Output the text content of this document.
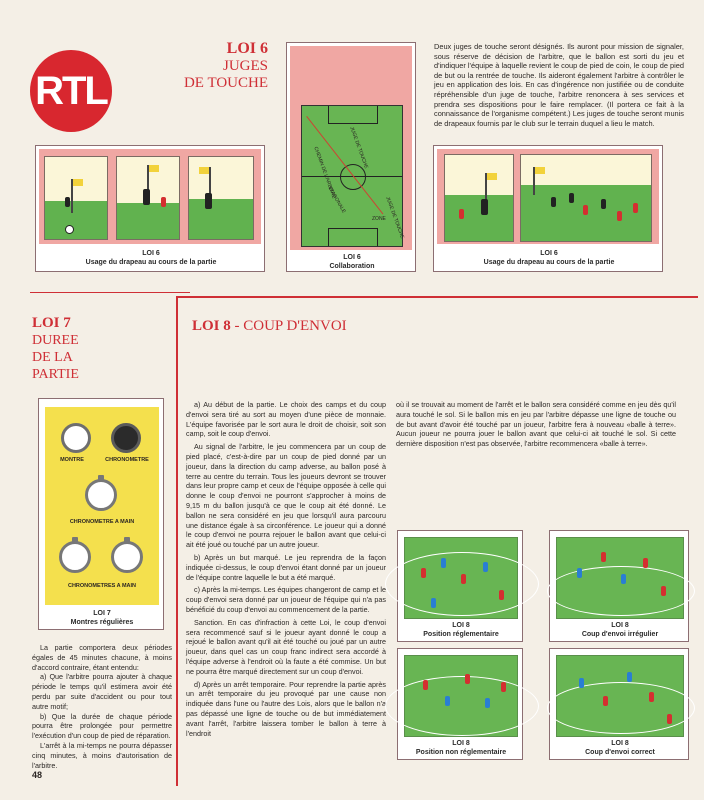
RTL
LOI 6
JUGES
DE TOUCHE
Deux juges de touche seront désignés. Ils auront pour mission de signaler, sous réserve de décision de l'arbitre, que le ballon est sorti du jeu et d'indiquer l'équipe à laquelle revient le coup de pied de coin, le coup de pied de but ou la rentrée de touche. Ils aideront également l'arbitre à contrôler le jeu en application des lois. En cas d'ingérence non justifiée ou de conduite répréhensible d'un juge de touche, l'arbitre renoncera à ses services et prendra ses dispositions pour le faire remplacer. (Il portera ce fait à la connaissance de l'organisme compétent.) Les juges de touche seront munis de drapeaux fournis par le club sur le terrain duquel a lieu le match.
LOI 6
Usage du drapeau au cours de la partie
CHEMIN DE L'ARBITRE JUGE DE TOUCHE
DIAGONALE	JUGE DE TOUCHE
ZONE
LOI 6
Collaboration
LOI 6
Usage du drapeau au cours de la partie
LOI 7
DUREE
DE LA
PARTIE
MONTRE	CHRONOMETRE
CHRONOMETRE A MAIN
CHRONOMETRES A MAIN
LOI 7
Montres régulières

La partie comportera deux périodes égales de 45 minutes chacune, à moins d'accord contraire, étant entendu:

a) Que l'arbitre pourra ajouter à chaque période le temps qu'il estimera avoir été perdu par suite d'accident ou pour tout autre motif;

b) Que la durée de chaque période pourra être prolongée pour permettre l'exécution d'un coup de pied de réparation.

L'arrêt à la mi-temps ne pourra dépasser cinq minutes, à moins d'autorisation de l'arbitre.

LOI 8 - COUP D'ENVOI

a) Au début de la partie. Le choix des camps et du coup d'envoi sera tiré au sort au moyen d'une pièce de monnaie. L'équipe favorisée par le sort aura le droit de choisir, soit son camp, soit le coup d'envoi.

Au signal de l'arbitre, le jeu commencera par un coup de pied placé, c'est-à-dire par un coup de pied donné par un joueur, dans la direction du camp adverse, au ballon posé à terre au centre du terrain. Tous les joueurs devront se trouver dans leur propre camp et ceux de l'équipe opposée à celle qui donne le coup d'envoi ne pourront s'approcher à moins de 9,15 m du ballon jusqu'à ce que le coup ait été donné. Le ballon ne sera considéré en jeu que lorsqu'il aura parcouru une distance égale à sa circonférence. Le joueur qui a donné le coup d'envoi ne pourra rejouer le ballon avant que celui-ci ait été joué ou touché par un autre joueur.

b) Après un but marqué. Le jeu reprendra de la façon indiquée ci-dessus, le coup d'envoi étant donné par un joueur de l'équipe contre laquelle le but a été marqué.

c) Après la mi-temps. Les équipes changeront de camp et le coup d'envoi sera donné par un joueur de l'équipe qui n'a pas bénéficié du coup d'envoi au commencement de la partie.

Sanction. En cas d'infraction à cette Loi, le coup d'envoi sera recommencé sauf si le joueur ayant donné le coup a rejoué le ballon avant qu'il ait été touché ou joué par un autre joueur, dans quel cas un coup franc indirect sera accordé à l'équipe adverse à l'endroit où la faute a été commise. Un but ne pourra être marqué directement sur un coup d'envoi.

d) Après un arrêt temporaire. Pour reprendre la partie après un arrêt temporaire du jeu provoqué par une cause non indiquée dans l'une ou l'autre des Lois, alors que le ballon n'a pas dépassé une ligne de touche ou de but immédiatement avant l'arrêt, l'arbitre laissera tomber le ballon à terre à l'endroit

où il se trouvait au moment de l'arrêt et le ballon sera considéré comme en jeu dès qu'il aura touché le sol. Si le ballon mis en jeu par l'arbitre dépasse une ligne de touche ou de but avant d'avoir été touché par un joueur, l'arbitre fera à nouveau «balle à terre». Aucun joueur ne pourra jouer le ballon avant que celui-ci ait touché le sol. Si cette dernière disposition n'est pas observée, l'arbitre recommencera «balle à terre».

LOI 8
Position réglementaire
LOI 8
Coup d'envoi irrégulier
LOI 8
Position non réglementaire
LOI 8
Coup d'envoi correct
48
